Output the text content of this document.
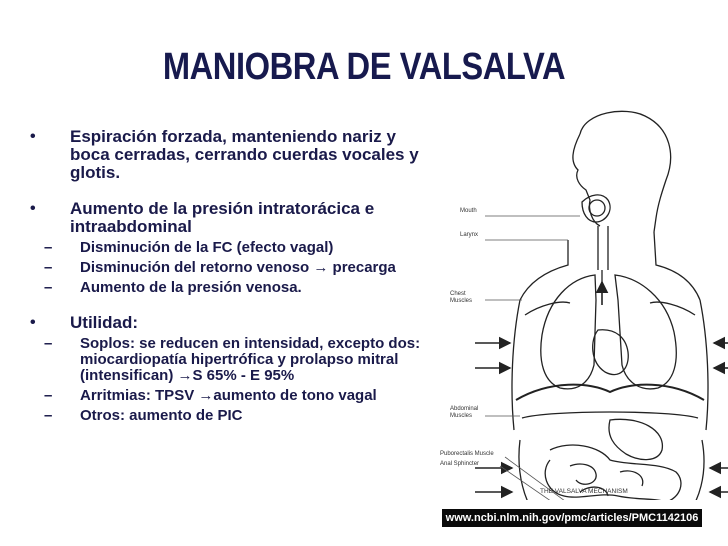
MANIOBRA DE VALSALVA
• Espiración forzada, manteniendo nariz y boca cerradas, cerrando cuerdas vocales y glotis.
• Aumento de la presión intratorácica e intraabdominal
– Disminución de la FC (efecto vagal)
– Disminución del retorno venoso → precarga
– Aumento de la presión venosa.
• Utilidad:
– Soplos: se reducen en intensidad, excepto dos: miocardiopatía hipertrófica y prolapso mitral (intensifican) →S 65% - E 95%
– Arritmias: TPSV →aumento de tono vagal
– Otros: aumento de PIC
Mouth
Larynx
Chest Muscles
Abdominal Muscles
Puborectalis Muscle
Anal Sphincter
THE VALSALVA MECHANISM
www.ncbi.nlm.nih.gov/pmc/articles/PMC1142106
